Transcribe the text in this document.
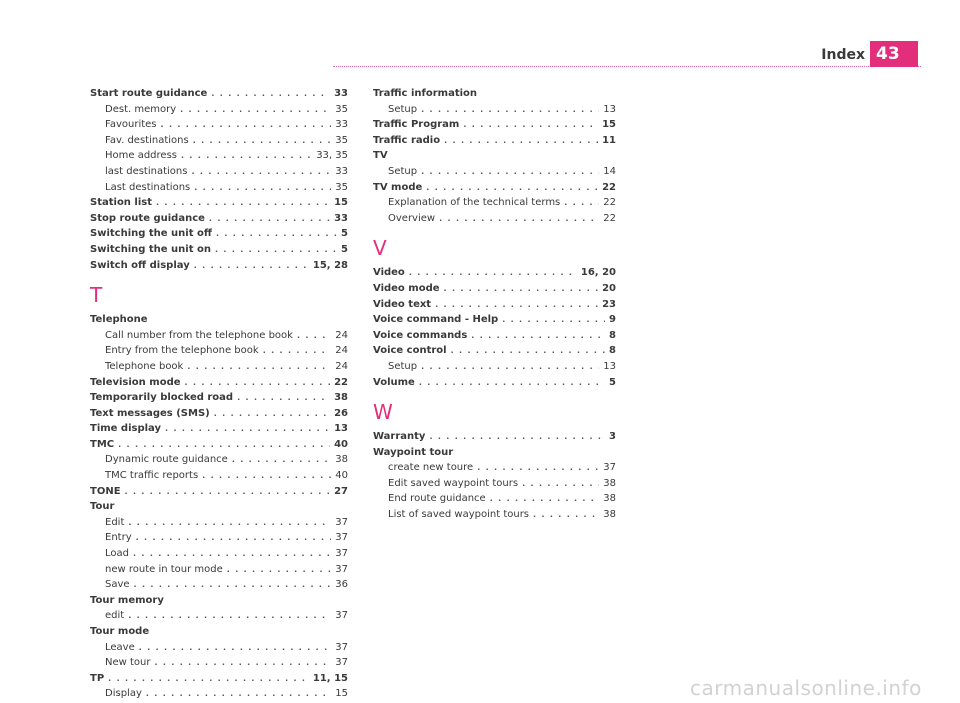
Index 43
Start route guidance . . .	33
Dest. memory . . .	35
Favourites . . .	33
Fav. destinations . . .	35
Home address . . .	33, 35
last destinations . . .	33
Last destinations . . .	35
Station list . . .	15
Stop route guidance . . .	33
Switching the unit off . . .	5
Switching the unit on . . .	5
Switch off display . . .	15, 28
T
Telephone
Call number from the telephone book . . .	24
Entry from the telephone book . . .	24
Telephone book . . .	24
Television mode . . .	22
Temporarily blocked road . . .	38
Text messages (SMS) . . .	26
Time display . . .	13
TMC . . .	40
Dynamic route guidance . . .	38
TMC traffic reports . . .	40
TONE . . .	27
Tour
Edit . . .	37
Entry . . .	37
Load . . .	37
new route in tour mode . . .	37
Save . . .	36
Tour memory
edit . . .	37
Tour mode
Leave . . .	37
New tour . . .	37
TP . . .	11, 15
Display . . .	15
Traffic information
Setup . . .	13
Traffic Program . . .	15
Traffic radio . . .	11
TV
Setup . . .	14
TV mode . . .	22
Explanation of the technical terms . . .	22
Overview . . .	22
V
Video . . .	16, 20
Video mode . . .	20
Video text . . .	23
Voice command - Help . . .	9
Voice commands . . .	8
Voice control . . .	8
Setup . . .	13
Volume . . .	5
W
Warranty . . .	3
Waypoint tour
create new toure . . .	37
Edit saved waypoint tours . . .	38
End route guidance . . .	38
List of saved waypoint tours . . .	38
carmanualsonline.info
